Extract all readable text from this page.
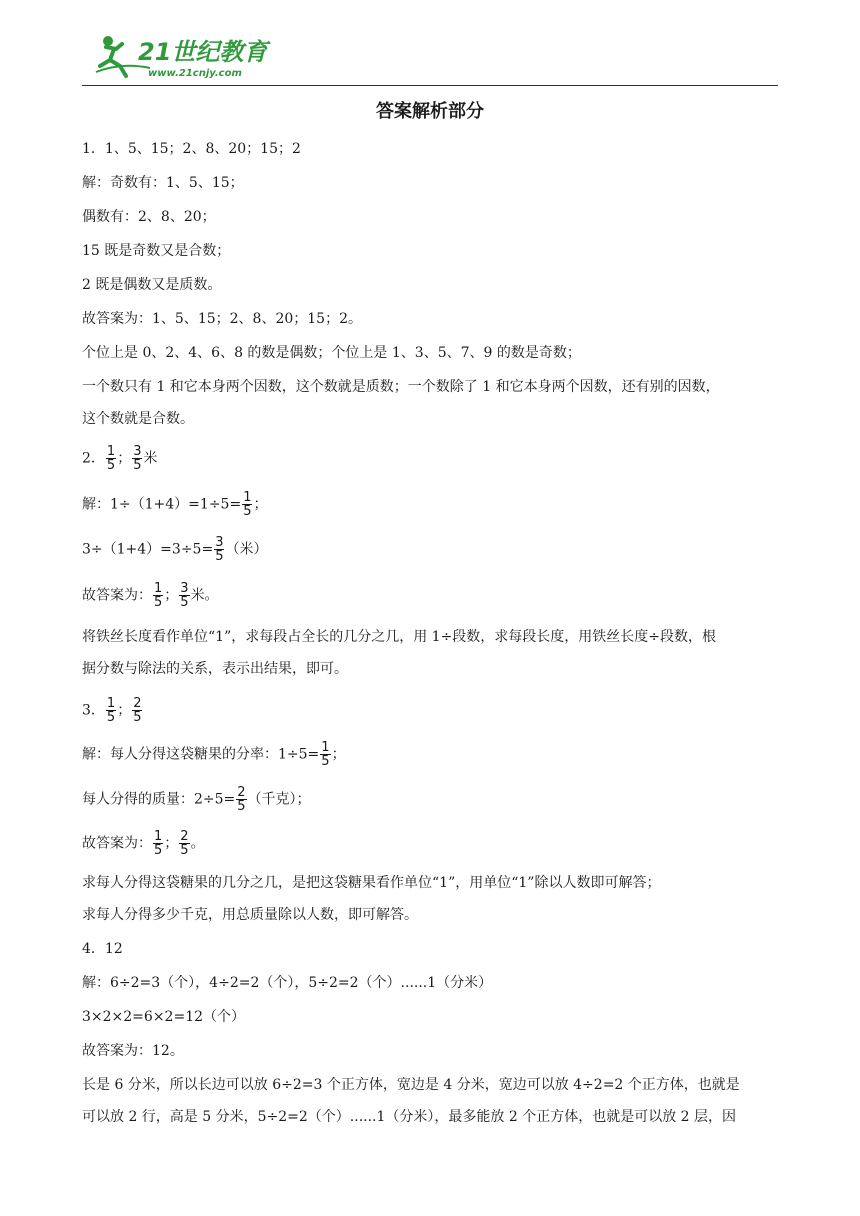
21世纪教育
www.21cnjy.com
答案解析部分
1．1、5、15；2、8、20；15；2
解：奇数有：1、5、15；
偶数有：2、8、20；
15 既是奇数又是合数；
2 既是偶数又是质数。
故答案为：1、5、15；2、8、20；15；2。
个位上是 0、2、4、6、8 的数是偶数；个位上是 1、3、5、7、9 的数是奇数；
一个数只有 1 和它本身两个因数，这个数就是质数；一个数除了 1 和它本身两个因数，还有别的因数，
这个数就是合数。
2． $\frac{1}{5}$ ； $\frac{3}{5}$ 米
解：$1\div(1+4)=1\div 5= \frac{1}{5}$ ；
$3\div(1+4)=3\div 5= \frac{3}{5}$ （米）
故答案为： $\frac{1}{5}$ ； $\frac{3}{5}$ 米。
将铁丝长度看作单位“1”，求每段占全长的几分之几，用 1÷段数，求每段长度，用铁丝长度÷段数，根
据分数与除法的关系，表示出结果，即可。
3． $\frac{1}{5}$ ； $\frac{2}{5}$
解：每人分得这袋糖果的分率：$1\div 5= \frac{1}{5}$ ；
每人分得的质量：$2\div 5= \frac{2}{5}$ （千克）；
故答案为： $\frac{1}{5}$ ； $\frac{2}{5}$ 。
求每人分得这袋糖果的几分之几，是把这袋糖果看作单位“1”，用单位“1”除以人数即可解答；
求每人分得多少千克，用总质量除以人数，即可解答。
4．12
解：6÷2=3（个），4÷2=2（个），5÷2=2（个）......1（分米）
3×2×2=6×2=12（个）
故答案为：12。
长是 6 分米，所以长边可以放 6÷2=3 个正方体，宽边是 4 分米，宽边可以放 4÷2=2 个正方体，也就是
可以放 2 行，高是 5 分米，5÷2=2（个）......1（分米），最多能放 2 个正方体，也就是可以放 2 层，因
